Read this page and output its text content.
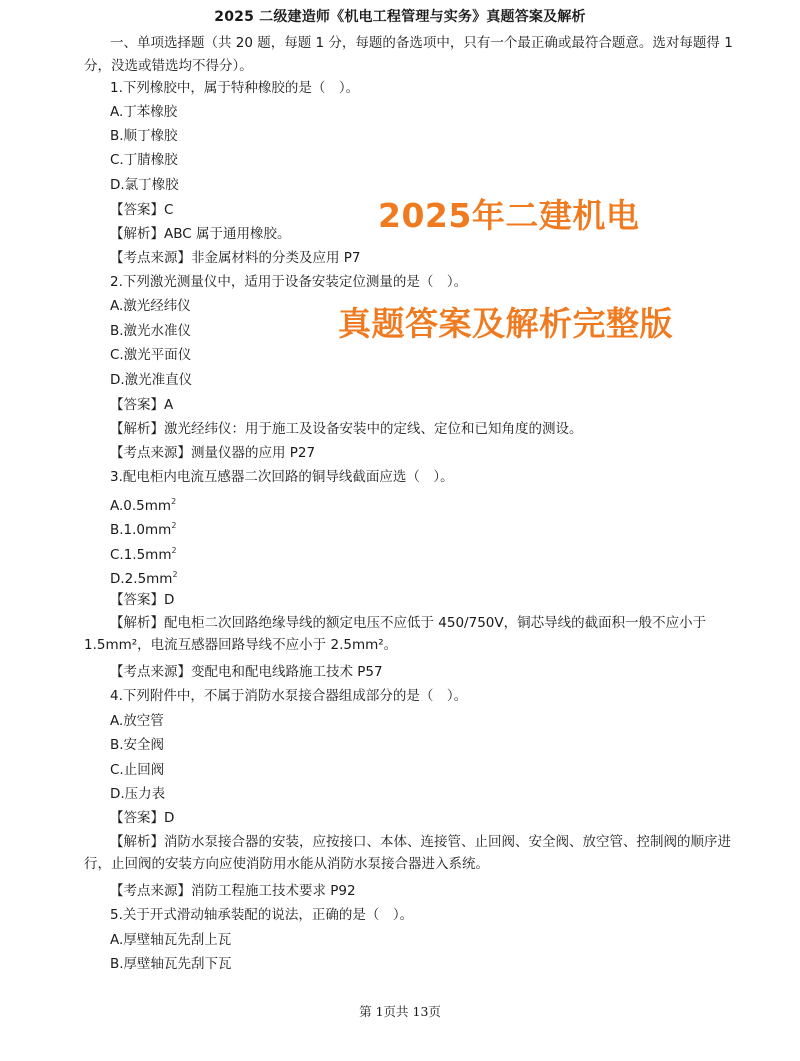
2025 二级建造师《机电工程管理与实务》真题答案及解析
一、单项选择题（共 20 题，每题 1 分，每题的备选项中，只有一个最正确或最符合题意。选对每题得 1 分，没选或错选均不得分）。
1.下列橡胶中，属于特种橡胶的是（　）。
A.丁苯橡胶
B.顺丁橡胶
C.丁腈橡胶
D.氯丁橡胶
【答案】C
【解析】ABC 属于通用橡胶。
【考点来源】非金属材料的分类及应用 P7
2.下列激光测量仪中，适用于设备安装定位测量的是（　）。
A.激光经纬仪
B.激光水准仪
C.激光平面仪
D.激光准直仪
【答案】A
【解析】激光经纬仪：用于施工及设备安装中的定线、定位和已知角度的测设。
【考点来源】测量仪器的应用 P27
3.配电柜内电流互感器二次回路的铜导线截面应选（　）。
$A.0.5mm^2$
$B.1.0mm^2$
$C.1.5mm^2$
$D.2.5mm^2$
【答案】D
【解析】配电柜二次回路绝缘导线的额定电压不应低于 450/750V，铜芯导线的截面积一般不应小于 1.5mm²，电流互感器回路导线不应小于 2.5mm²。
【考点来源】变配电和配电线路施工技术 P57
4.下列附件中，不属于消防水泵接合器组成部分的是（　）。
A.放空管
B.安全阀
C.止回阀
D.压力表
【答案】D
【解析】消防水泵接合器的安装，应按接口、本体、连接管、止回阀、安全阀、放空管、控制阀的顺序进行，止回阀的安装方向应使消防用水能从消防水泵接合器进入系统。
【考点来源】消防工程施工技术要求 P92
5.关于开式滑动轴承装配的说法，正确的是（　）。
A.厚壁轴瓦先刮上瓦
B.厚壁轴瓦先刮下瓦
2025年二建机电
真题答案及解析完整版
第 1页共 13页
